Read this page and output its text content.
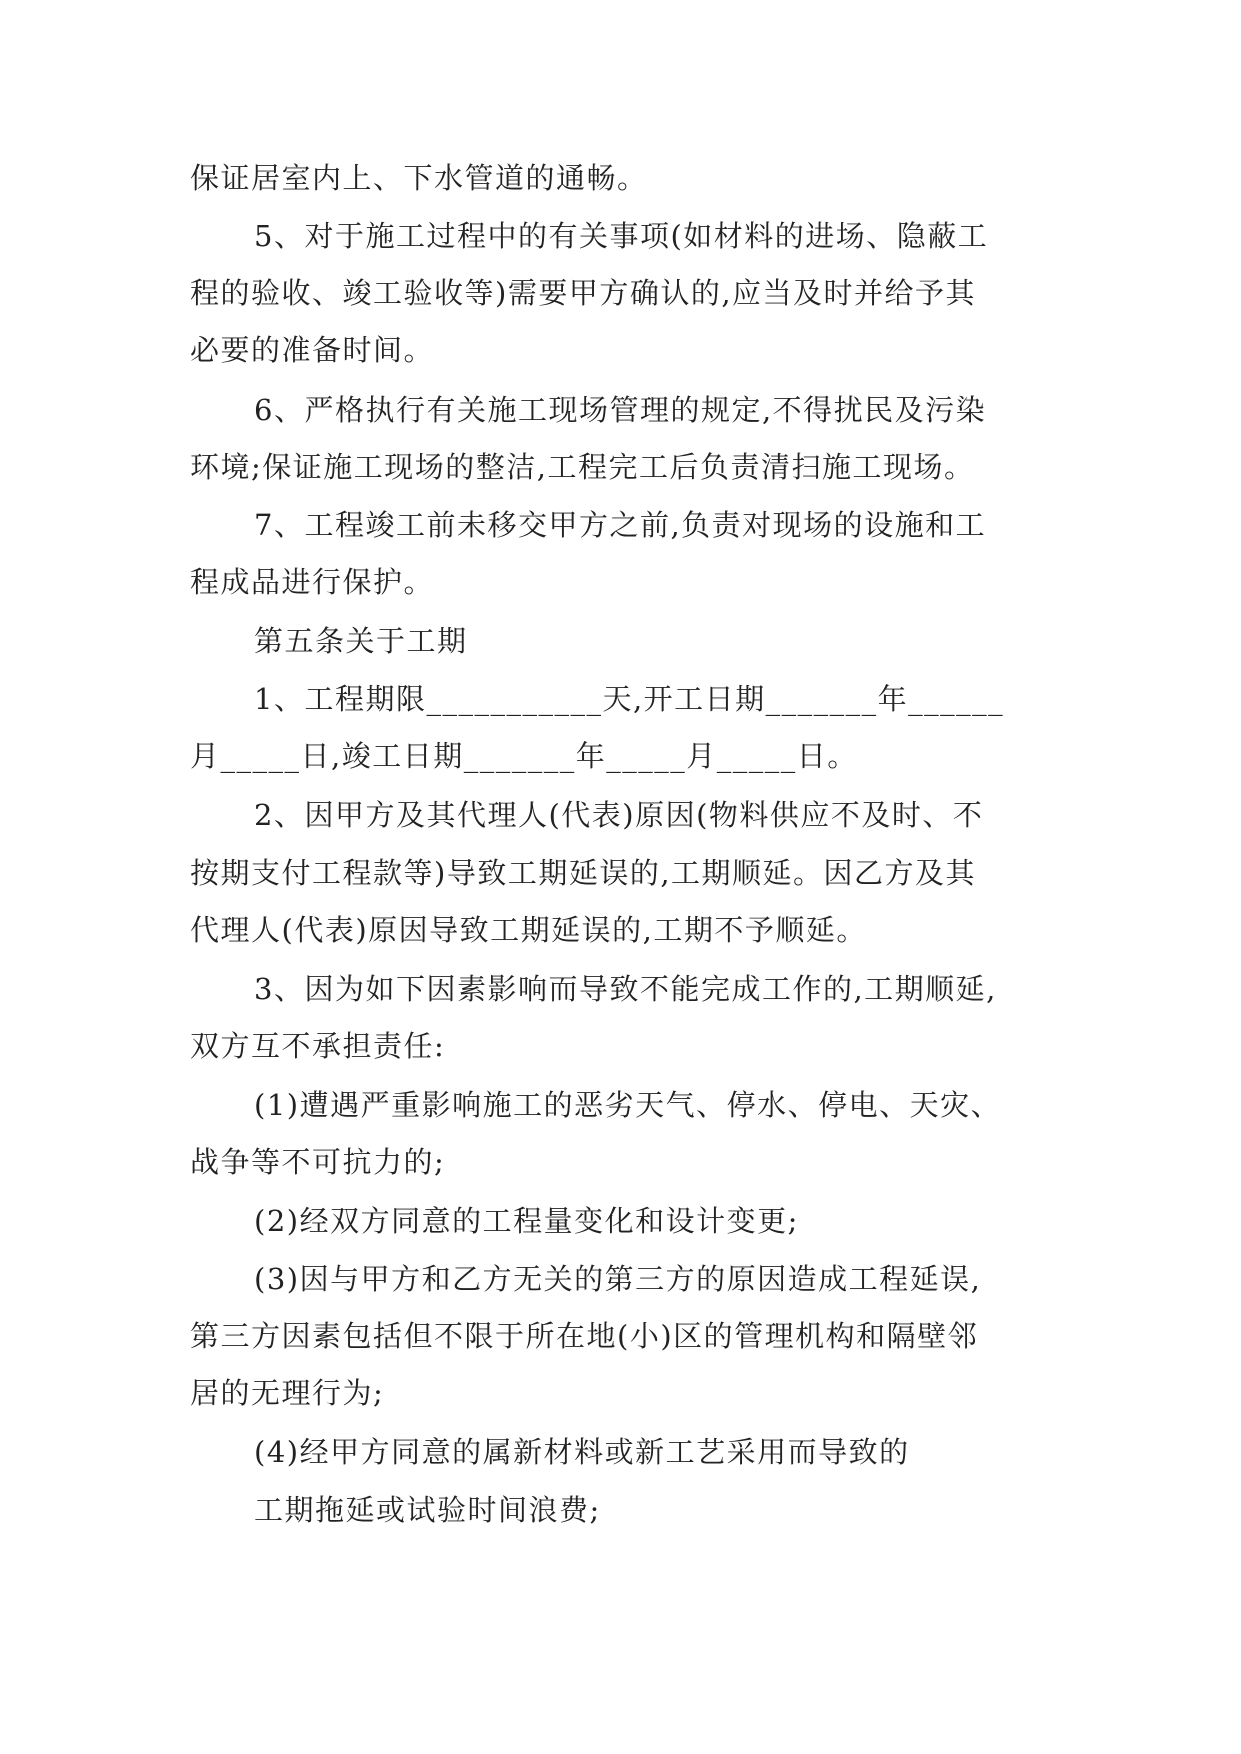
保证居室内上、下水管道的通畅。
5、对于施工过程中的有关事项(如材料的进场、隐蔽工
程的验收、竣工验收等)需要甲方确认的,应当及时并给予其
必要的准备时间。
6、严格执行有关施工现场管理的规定,不得扰民及污染
环境;保证施工现场的整洁,工程完工后负责清扫施工现场。
7、工程竣工前未移交甲方之前,负责对现场的设施和工
程成品进行保护。
第五条关于工期
1、工程期限___________天,开工日期_______年______
月_____日,竣工日期_______年_____月_____日。
2、因甲方及其代理人(代表)原因(物料供应不及时、不
按期支付工程款等)导致工期延误的,工期顺延。因乙方及其
代理人(代表)原因导致工期延误的,工期不予顺延。
3、因为如下因素影响而导致不能完成工作的,工期顺延,
双方互不承担责任:
(1)遭遇严重影响施工的恶劣天气、停水、停电、天灾、
战争等不可抗力的;
(2)经双方同意的工程量变化和设计变更;
(3)因与甲方和乙方无关的第三方的原因造成工程延误,
第三方因素包括但不限于所在地(小)区的管理机构和隔壁邻
居的无理行为;
(4)经甲方同意的属新材料或新工艺采用而导致的
工期拖延或试验时间浪费;
